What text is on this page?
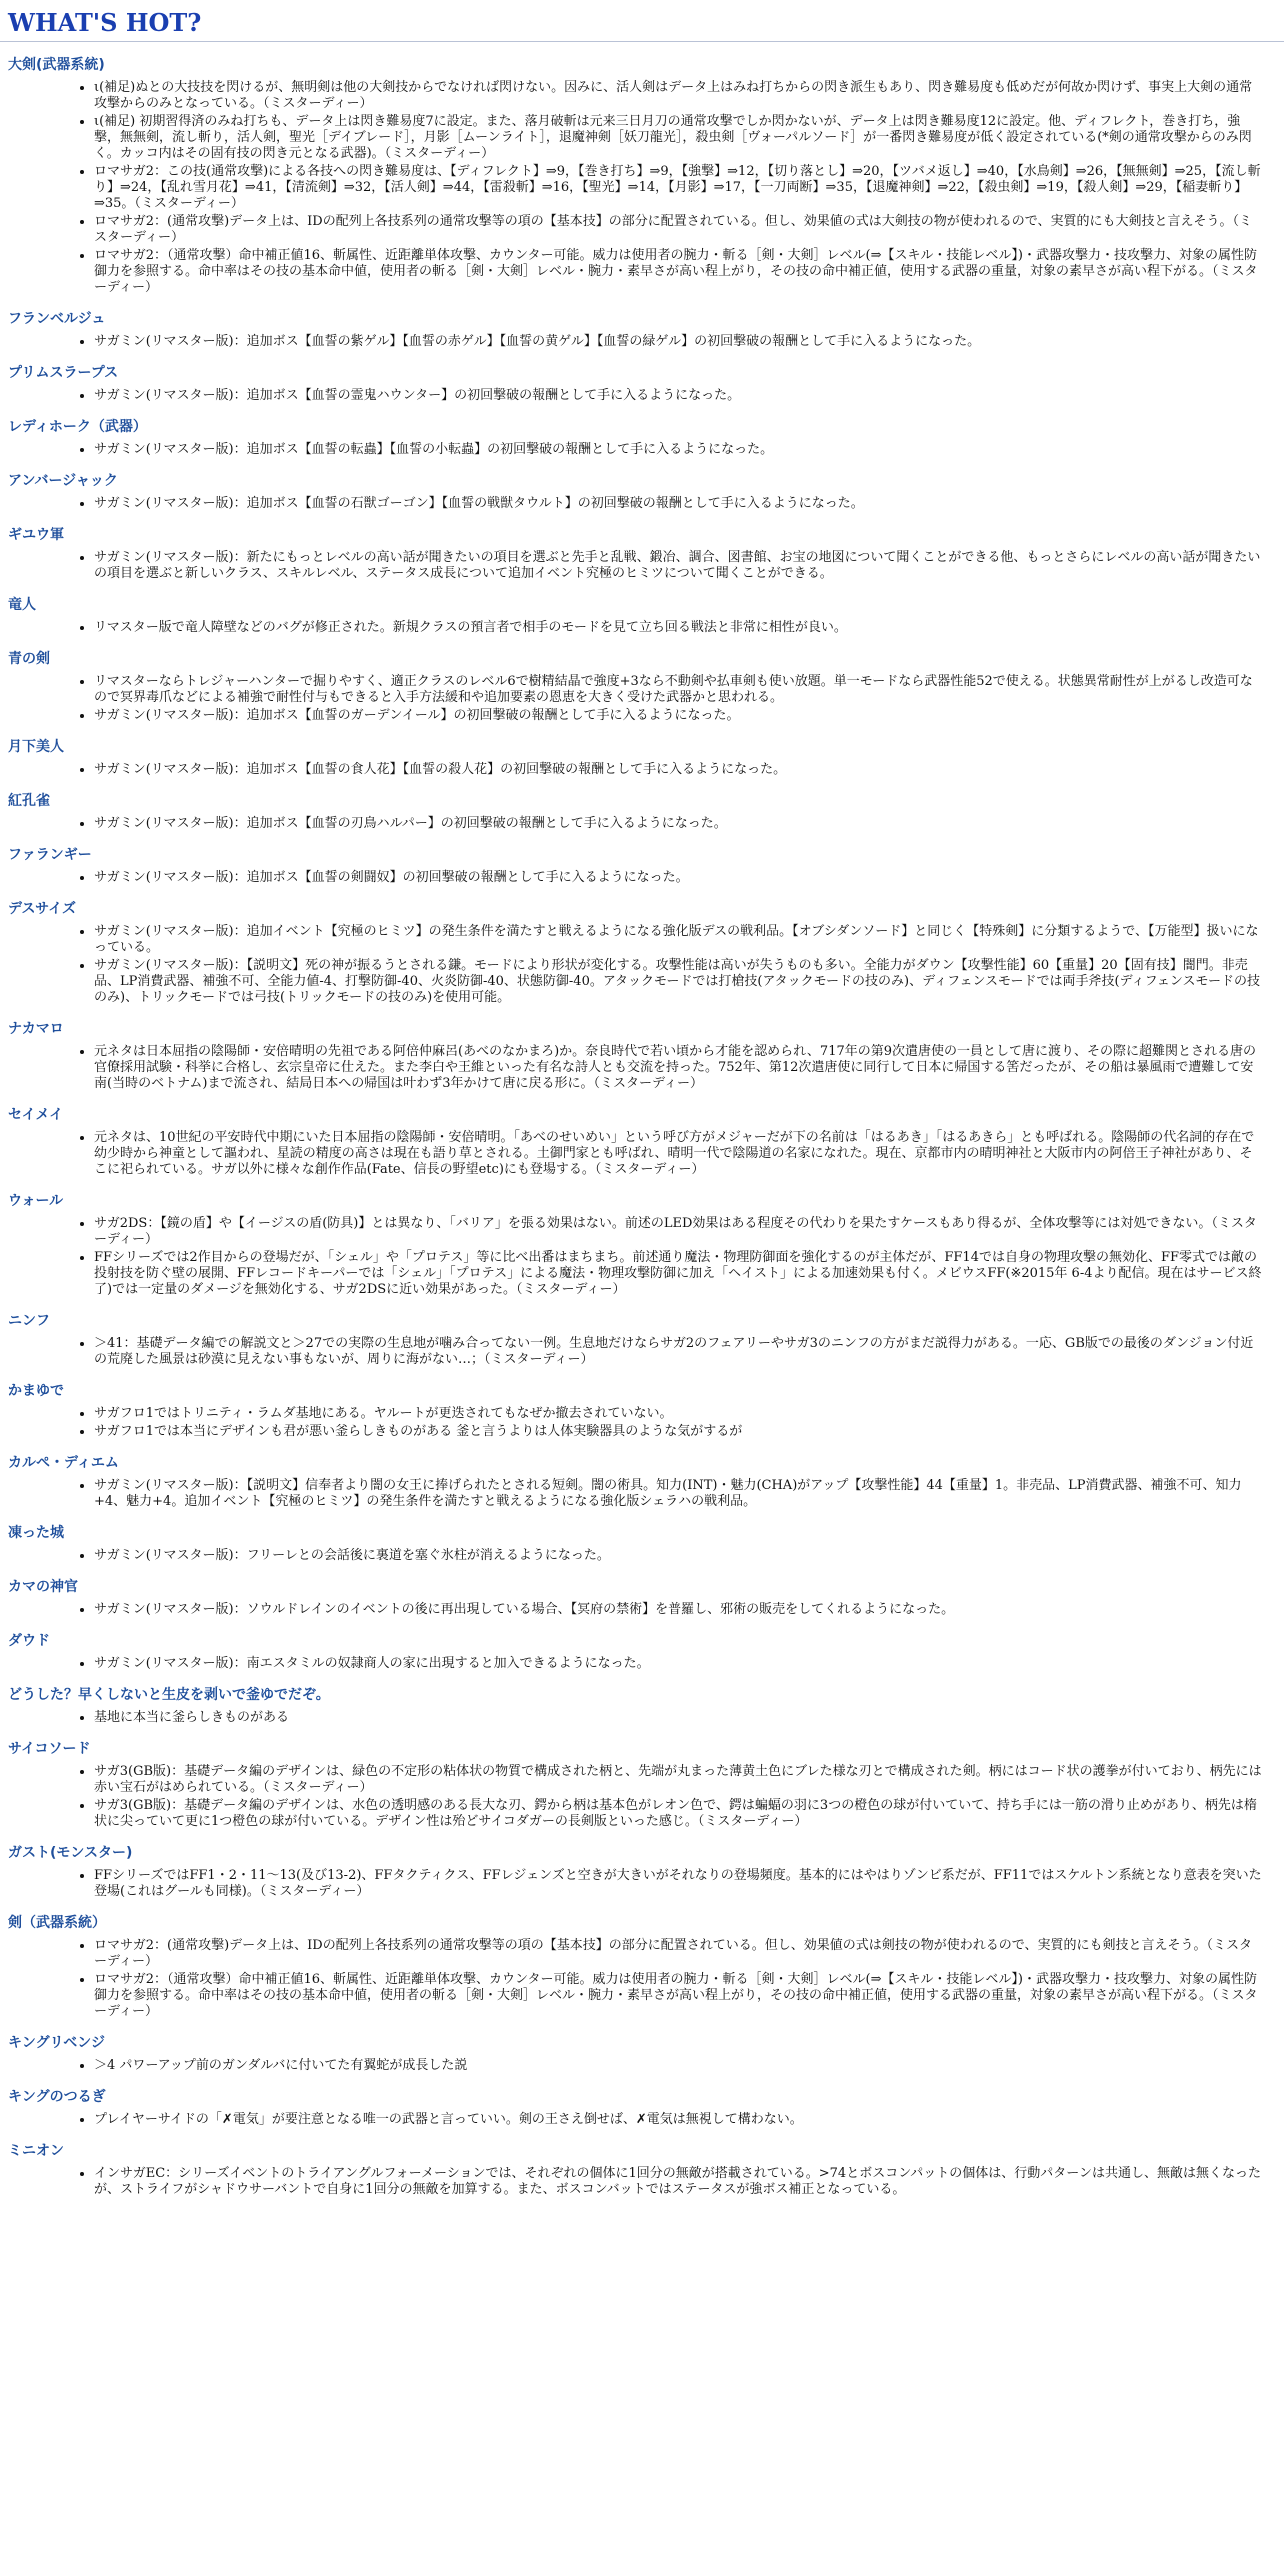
WHAT'S HOT?
大剣(武器系統)
• ι(補足)ぬとの大技技を閃けるが、無明剣は他の大剣技からでなければ閃けない。因みに、活人剣はデータ上はみね打ちからの閃き派生もあり、閃き難易度も低めだが何故か閃けず、事実上大剣の通常攻撃からのみとなっている。（ミスターディー）
• ι(補足) 初期習得済のみね打ちも、データ上は閃き難易度7に設定。また、落月破斬は元来三日月刀の通常攻撃でしか閃かないが、データ上は閃き難易度12に設定。他、ディフレクト，巻き打ち，強撃，無無剣，流し斬り，活人剣，聖光［デイブレード］，月影［ムーンライト］，退魔神剣［妖刀龍光］，殺虫剣［ヴォーパルソード］が一番閃き難易度が低く設定されている(*剣の通常攻撃からのみ閃く。カッコ内はその固有技の閃き元となる武器)。（ミスターディー）
• ロマサガ2：この技(通常攻撃)による各技への閃き難易度は、【ディフレクト】⇒9，【巻き打ち】⇒9，【強撃】⇒12，【切り落とし】⇒20，【ツバメ返し】⇒40，【水鳥剣】⇒26，【無無剣】⇒25，【流し斬り】⇒24，【乱れ雪月花】⇒41，【清流剣】⇒32，【活人剣】⇒44，【雷殺斬】⇒16，【聖光】⇒14，【月影】⇒17，【一刀両断】⇒35，【退魔神剣】⇒22，【殺虫剣】⇒19，【殺人剣】⇒29，【稲妻斬り】⇒35。（ミスターディー）
• ロマサガ2：(通常攻撃)データ上は、IDの配列上各技系列の通常攻撃等の項の【基本技】の部分に配置されている。但し、効果値の式は大剣技の物が使われるので、実質的にも大剣技と言えそう。（ミスターディー）
• ロマサガ2：（通常攻撃）命中補正値16、斬属性、近距離単体攻撃、カウンター可能。威力は使用者の腕力・斬る［剣・大剣］レベル(⇒【スキル・技能レベル】)・武器攻撃力・技攻撃力、対象の属性防御力を参照する。命中率はその技の基本命中値，使用者の斬る［剣・大剣］レベル・腕力・素早さが高い程上がり，その技の命中補正値，使用する武器の重量，対象の素早さが高い程下がる。（ミスターディー）
フランベルジュ
• サガミン(リマスター版)：追加ボス【血誓の紫ゲル】【血誓の赤ゲル】【血誓の黄ゲル】【血誓の緑ゲル】の初回撃破の報酬として手に入るようになった。
プリムスラープス
• サガミン(リマスター版)：追加ボス【血誓の霊鬼ハウンター】の初回撃破の報酬として手に入るようになった。
レディホーク（武器）
• サガミン(リマスター版)：追加ボス【血誓の転蟲】【血誓の小転蟲】の初回撃破の報酬として手に入るようになった。
アンバージャック
• サガミン(リマスター版)：追加ボス【血誓の石獣ゴーゴン】【血誓の戦獣タウルト】の初回撃破の報酬として手に入るようになった。
ギユウ軍
• サガミン(リマスター版)：新たにもっとレベルの高い話が聞きたいの項目を選ぶと先手と乱戦、鍛冶、調合、図書館、お宝の地図について聞くことができる他、もっとさらにレベルの高い話が聞きたいの項目を選ぶと新しいクラス、スキルレベル、ステータス成長について追加イベント究極のヒミツについて聞くことができる。
竜人
• リマスター版で竜人障壁などのバグが修正された。新規クラスの預言者で相手のモードを見て立ち回る戦法と非常に相性が良い。
青の剣
• リマスターならトレジャーハンターで掘りやすく、適正クラスのレベル6で樹精結晶で強度+3なら不動剣や払車剣も使い放題。単一モードなら武器性能52で使える。状態異常耐性が上がるし改造可なので冥界毒爪などによる補強で耐性付与もできると入手方法緩和や追加要素の恩恵を大きく受けた武器かと思われる。
• サガミン(リマスター版)：追加ボス【血誓のガーデンイール】の初回撃破の報酬として手に入るようになった。
月下美人
• サガミン(リマスター版)：追加ボス【血誓の食人花】【血誓の殺人花】の初回撃破の報酬として手に入るようになった。
紅孔雀
• サガミン(リマスター版)：追加ボス【血誓の刃鳥ハルパー】の初回撃破の報酬として手に入るようになった。
ファランギー
• サガミン(リマスター版)：追加ボス【血誓の剣闘奴】の初回撃破の報酬として手に入るようになった。
デスサイズ
• サガミン(リマスター版)：追加イベント【究極のヒミツ】の発生条件を満たすと戦えるようになる強化版デスの戦利品。【オブシダンソード】と同じく【特殊剣】に分類するようで、【万能型】扱いになっている。
• サガミン(リマスター版)：【説明文】死の神が振るうとされる鎌。モードにより形状が変化する。攻撃性能は高いが失うものも多い。全能力がダウン【攻撃性能】60【重量】20【固有技】闇門。非売品、LP消費武器、補強不可、全能力値-4、打撃防御-40、火炎防御-40、状態防御-40。アタックモードでは打槍技(アタックモードの技のみ)、ディフェンスモードでは両手斧技(ディフェンスモードの技のみ)、トリックモードでは弓技(トリックモードの技のみ)を使用可能。
ナカマロ
• 元ネタは日本屈指の陰陽師・安倍晴明の先祖である阿倍仲麻呂(あべのなかまろ)か。奈良時代で若い頃から才能を認められ、717年の第9次遣唐使の一員として唐に渡り、その際に超難関とされる唐の官僚採用試験・科挙に合格し、玄宗皇帝に仕えた。また李白や王維といった有名な詩人とも交流を持った。752年、第12次遣唐使に同行して日本に帰国する筈だったが、その船は暴風雨で遭難して安南(当時のベトナム)まで流され、結局日本への帰国は叶わず3年かけて唐に戻る形に。（ミスターディー）
セイメイ
• 元ネタは、10世紀の平安時代中期にいた日本屈指の陰陽師・安倍晴明。「あべのせいめい」という呼び方がメジャーだが下の名前は「はるあき」「はるあきら」とも呼ばれる。陰陽師の代名詞的存在で幼少時から神童として謳われ、星読の精度の高さは現在も語り草とされる。土御門家とも呼ばれ、晴明一代で陰陽道の名家になれた。現在、京都市内の晴明神社と大阪市内の阿倍王子神社があり、そこに祀られている。サガ以外に様々な創作作品(Fate、信長の野望etc)にも登場する。（ミスターディー）
ウォール
• サガ2DS：【鏡の盾】や【イージスの盾(防具)】とは異なり、「バリア」を張る効果はない。前述のLED効果はある程度その代わりを果たすケースもあり得るが、全体攻撃等には対処できない。（ミスターディー）
• FFシリーズでは2作目からの登場だが、「シェル」や「プロテス」等に比べ出番はまちまち。前述通り魔法・物理防御面を強化するのが主体だが、FF14では自身の物理攻撃の無効化、FF零式では敵の投射技を防ぐ壁の展開、FFレコードキーパーでは「シェル」「プロテス」による魔法・物理攻撃防御に加え「ヘイスト」による加速効果も付く。メビウスFF(※2015年 6-4より配信。現在はサービス終了)では一定量のダメージを無効化する、サガ2DSに近い効果があった。（ミスターディー）
ニンフ
• ＞41：基礎データ編での解説文と＞27での実際の生息地が噛み合ってない一例。生息地だけならサガ2のフェアリーやサガ3のニンフの方がまだ説得力がある。一応、GB版での最後のダンジョン付近の荒廃した風景は砂漠に見えない事もないが、周りに海がない…；（ミスターディー）
かまゆで
• サガフロ1ではトリニティ・ラムダ基地にある。ヤルートが更迭されてもなぜか撤去されていない。
• サガフロ1では本当にデザインも君が悪い釜らしきものがある 釜と言うよりは人体実験器具のような気がするが
カルペ・ディエム
• サガミン(リマスター版)：【説明文】信奉者より闇の女王に捧げられたとされる短剣。闇の術具。知力(INT)・魅力(CHA)がアップ【攻撃性能】44【重量】1。非売品、LP消費武器、補強不可、知力+4、魅力+4。追加イベント【究極のヒミツ】の発生条件を満たすと戦えるようになる強化版シェラハの戦利品。
凍った城
• サガミン(リマスター版)：フリーレとの会話後に裏道を塞ぐ氷柱が消えるようになった。
カマの神官
• サガミン(リマスター版)：ソウルドレインのイベントの後に再出現している場合、【冥府の禁術】を普羅し、邪術の販売をしてくれるようになった。
ダウド
• サガミン(リマスター版)：南エスタミルの奴隷商人の家に出現すると加入できるようになった。
どうした？早くしないと生皮を剥いで釜ゆでだぞ。
• 基地に本当に釜らしきものがある
サイコソード
• サガ3(GB版)：基礎データ編のデザインは、緑色の不定形の粘体状の物質で構成された柄と、先端が丸まった薄黄土色にブレた様な刃とで構成された剣。柄にはコード状の護拳が付いており、柄先には赤い宝石がはめられている。（ミスターディー）
• サガ3(GB版)：基礎データ編のデザインは、水色の透明感のある長大な刃、鍔から柄は基本色がレオン色で、鍔は蝙蝠の羽に3つの橙色の球が付いていて、持ち手には一筋の滑り止めがあり、柄先は楕状に尖っていて更に1つ橙色の球が付いている。デザイン性は殆どサイコダガーの長剣版といった感じ。（ミスターディー）
ガスト(モンスター)
• FFシリーズではFF1・2・11～13(及び13-2)、FFタクティクス、FFレジェンズと空きが大きいがそれなりの登場頻度。基本的にはやはりゾンビ系だが、FF11ではスケルトン系統となり意表を突いた登場(これはグールも同様)。（ミスターディー）
剣（武器系統）
• ロマサガ2：(通常攻撃)データ上は、IDの配列上各技系列の通常攻撃等の項の【基本技】の部分に配置されている。但し、効果値の式は剣技の物が使われるので、実質的にも剣技と言えそう。（ミスターディー）
• ロマサガ2：（通常攻撃）命中補正値16、斬属性、近距離単体攻撃、カウンター可能。威力は使用者の腕力・斬る［剣・大剣］レベル(⇒【スキル・技能レベル】)・武器攻撃力・技攻撃力、対象の属性防御力を参照する。命中率はその技の基本命中値，使用者の斬る［剣・大剣］レベル・腕力・素早さが高い程上がり，その技の命中補正値，使用する武器の重量，対象の素早さが高い程下がる。（ミスターディー）
キングリベンジ
• ＞4 パワーアップ前のガンダルバに付いてた有翼蛇が成長した説
キングのつるぎ
• プレイヤーサイドの「✗電気」が要注意となる唯一の武器と言っていい。剣の王さえ倒せば、✗電気は無視して構わない。
ミニオン
• インサガEC：シリーズイベントのトライアングルフォーメーションでは、それぞれの個体に1回分の無敵が搭載されている。>74とボスコンパットの個体は、行動パターンは共通し、無敵は無くなったが、ストライフがシャドウサーバントで自身に1回分の無敵を加算する。また、ボスコンバットではステータスが強ボス補正となっている。
